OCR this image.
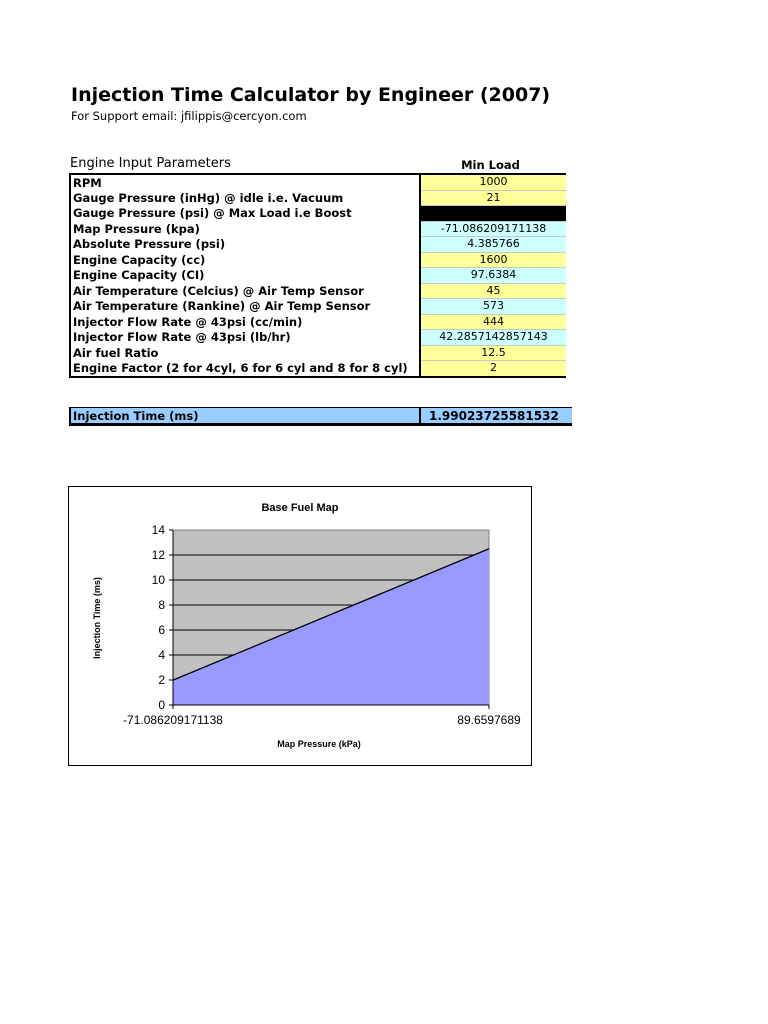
Injection Time Calculator by Engineer (2007)
For Support email: jfilippis@cercyon.com
Engine Input Parameters	Min Load
RPM	1000
Gauge Pressure (inHg) @ idle i.e. Vacuum	21
Gauge Pressure (psi) @ Max Load i.e Boost	
Map Pressure (kpa)	-71.086209171138
Absolute Pressure (psi)	4.385766
Engine Capacity (cc)	1600
Engine Capacity (CI)	97.6384
Air Temperature (Celcius) @ Air Temp Sensor	45
Air Temperature (Rankine) @ Air Temp Sensor	573
Injector Flow Rate @ 43psi (cc/min)	444
Injector Flow Rate @ 43psi (lb/hr)	42.2857142857143
Air fuel Ratio	12.5
Engine Factor (2 for 4cyl, 6 for 6 cyl and 8 for 8 cyl)	2
Injection Time (ms)	1.99023725581532
0
2
4
6
8
10
12
14
-71.086209171138	89.6597689
Base Fuel Map
Map Pressure (kPa)
Injection Time (ms)
